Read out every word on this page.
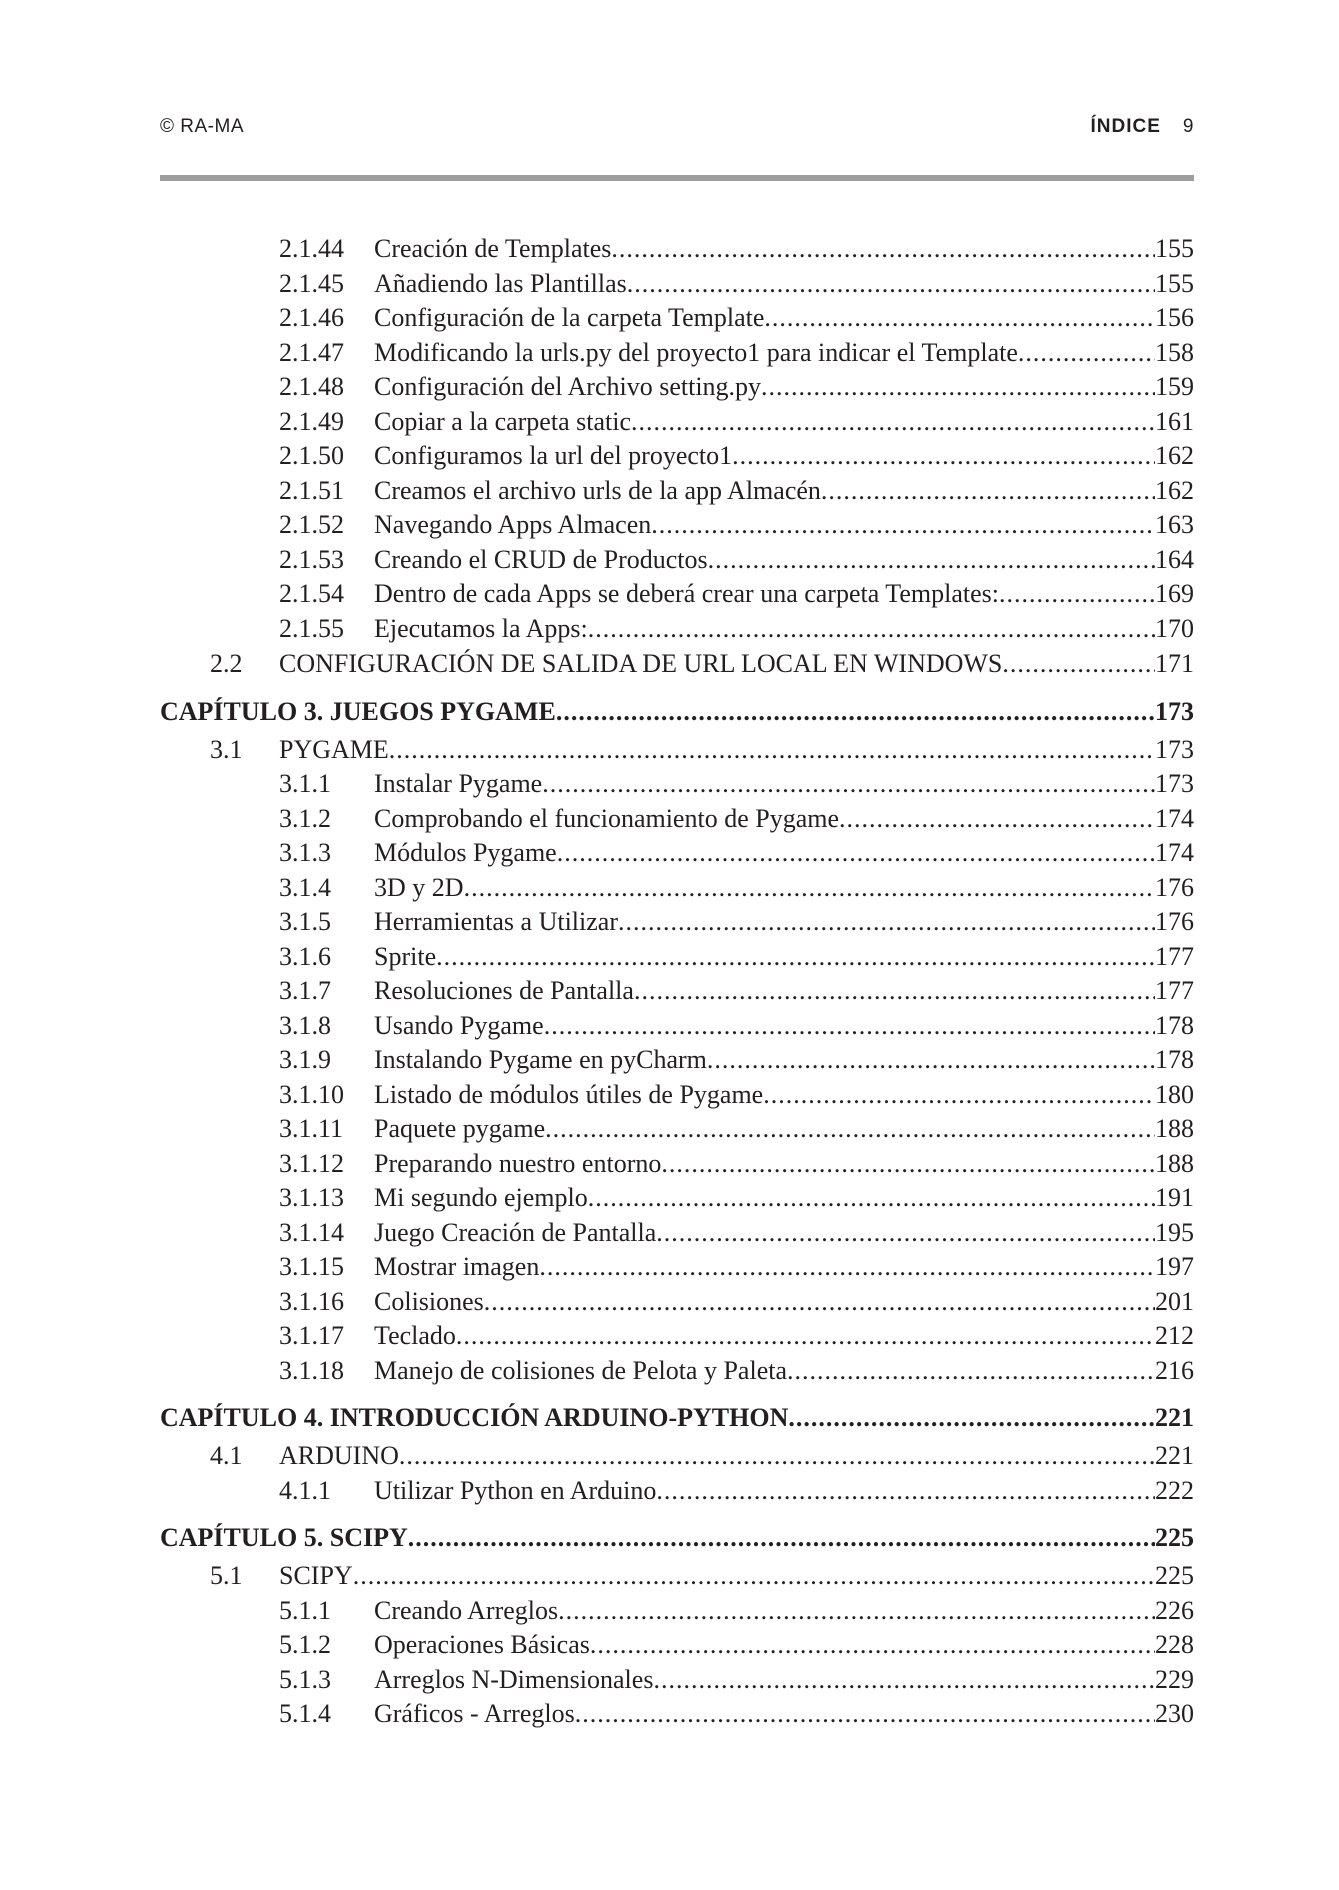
© RA-MA	ÍNDICE 9
2.1.44 Creación de Templates .....	155
2.1.45 Añadiendo las Plantillas .....	155
2.1.46 Configuración de la carpeta Template .....	156
2.1.47 Modificando la urls.py del proyecto1 para indicar el Template .....	158
2.1.48 Configuración del Archivo setting.py .....	159
2.1.49 Copiar a la carpeta static .....	161
2.1.50 Configuramos la url del proyecto1 .....	162
2.1.51 Creamos el archivo urls de la app Almacén .....	162
2.1.52 Navegando Apps Almacen .....	163
2.1.53 Creando el CRUD de Productos .....	164
2.1.54 Dentro de cada Apps se deberá crear una carpeta Templates: .....	169
2.1.55 Ejecutamos la Apps: .....	170
2.2 CONFIGURACIÓN DE SALIDA DE URL LOCAL EN WINDOWS .....	171
CAPÍTULO 3. JUEGOS PYGAME .....	173
3.1 PYGAME .....	173
3.1.1 Instalar Pygame .....	173
3.1.2 Comprobando el funcionamiento de Pygame .....	174
3.1.3 Módulos Pygame .....	174
3.1.4 3D y 2D .....	176
3.1.5 Herramientas a Utilizar .....	176
3.1.6 Sprite .....	177
3.1.7 Resoluciones de Pantalla .....	177
3.1.8 Usando Pygame .....	178
3.1.9 Instalando Pygame en pyCharm .....	178
3.1.10 Listado de módulos útiles de Pygame .....	180
3.1.11 Paquete pygame .....	188
3.1.12 Preparando nuestro entorno .....	188
3.1.13 Mi segundo ejemplo .....	191
3.1.14 Juego Creación de Pantalla .....	195
3.1.15 Mostrar imagen .....	197
3.1.16 Colisiones .....	201
3.1.17 Teclado .....	212
3.1.18 Manejo de colisiones de Pelota y Paleta .....	216
CAPÍTULO 4. INTRODUCCIÓN ARDUINO-PYTHON .....	221
4.1 ARDUINO .....	221
4.1.1 Utilizar Python en Arduino .....	222
CAPÍTULO 5. SCIPY .....	225
5.1 SCIPY .....	225
5.1.1 Creando Arreglos .....	226
5.1.2 Operaciones Básicas .....	228
5.1.3 Arreglos N-Dimensionales .....	229
5.1.4 Gráficos - Arreglos .....	230
